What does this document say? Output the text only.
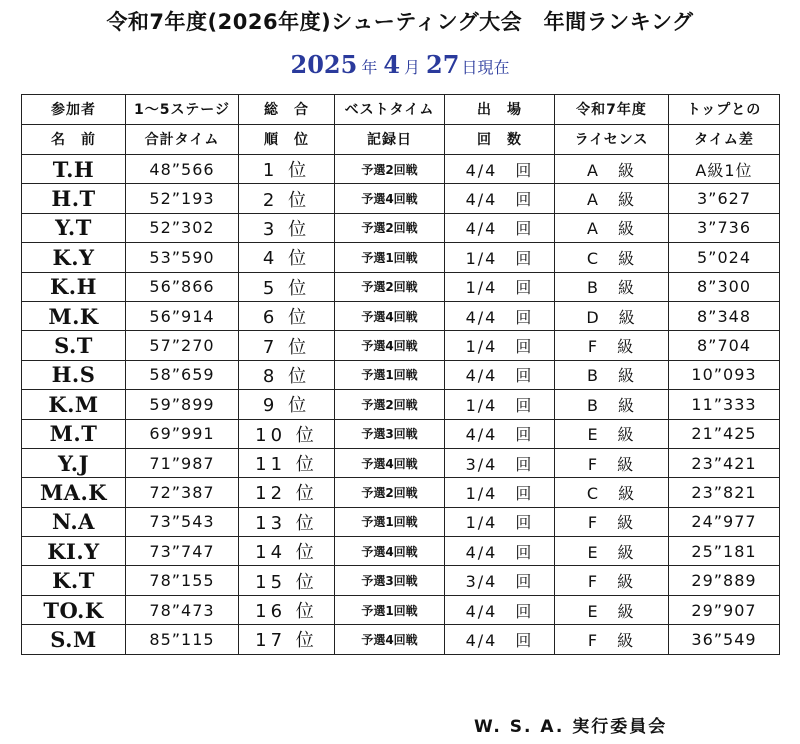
令和7年度(2026年度)シューティング大会　年間ランキング
2025 年 4 月 27 日現在
参加者	1～5ステージ	総　合	ベストタイム	出　場	令和7年度	トップとの
名　前	合計タイム	順　位	記録日	回　数	ライセンス	タイム差
T.H	48”566	1 位	予選2回戦	4/4　回	A　級	A級1位
H.T	52”193	2 位	予選4回戦	4/4　回	A　級	3”627
Y.T	52”302	3 位	予選2回戦	4/4　回	A　級	3”736
K.Y	53”590	4 位	予選1回戦	1/4　回	C　級	5”024
K.H	56”866	5 位	予選2回戦	1/4　回	B　級	8”300
M.K	56”914	6 位	予選4回戦	4/4　回	D　級	8”348
S.T	57”270	7 位	予選4回戦	1/4　回	F　級	8”704
H.S	58”659	8 位	予選1回戦	4/4　回	B　級	10”093
K.M	59”899	9 位	予選2回戦	1/4　回	B　級	11”333
M.T	69”991	10 位	予選3回戦	4/4　回	E　級	21”425
Y.J	71”987	11 位	予選4回戦	3/4　回	F　級	23”421
MA.K	72”387	12 位	予選2回戦	1/4　回	C　級	23”821
N.A	73”543	13 位	予選1回戦	1/4　回	F　級	24”977
KI.Y	73”747	14 位	予選4回戦	4/4　回	E　級	25”181
K.T	78”155	15 位	予選3回戦	3/4　回	F　級	29”889
TO.K	78”473	16 位	予選1回戦	4/4　回	E　級	29”907
S.M	85”115	17 位	予選4回戦	4/4　回	F　級	36”549
W. S. A. 実行委員会
